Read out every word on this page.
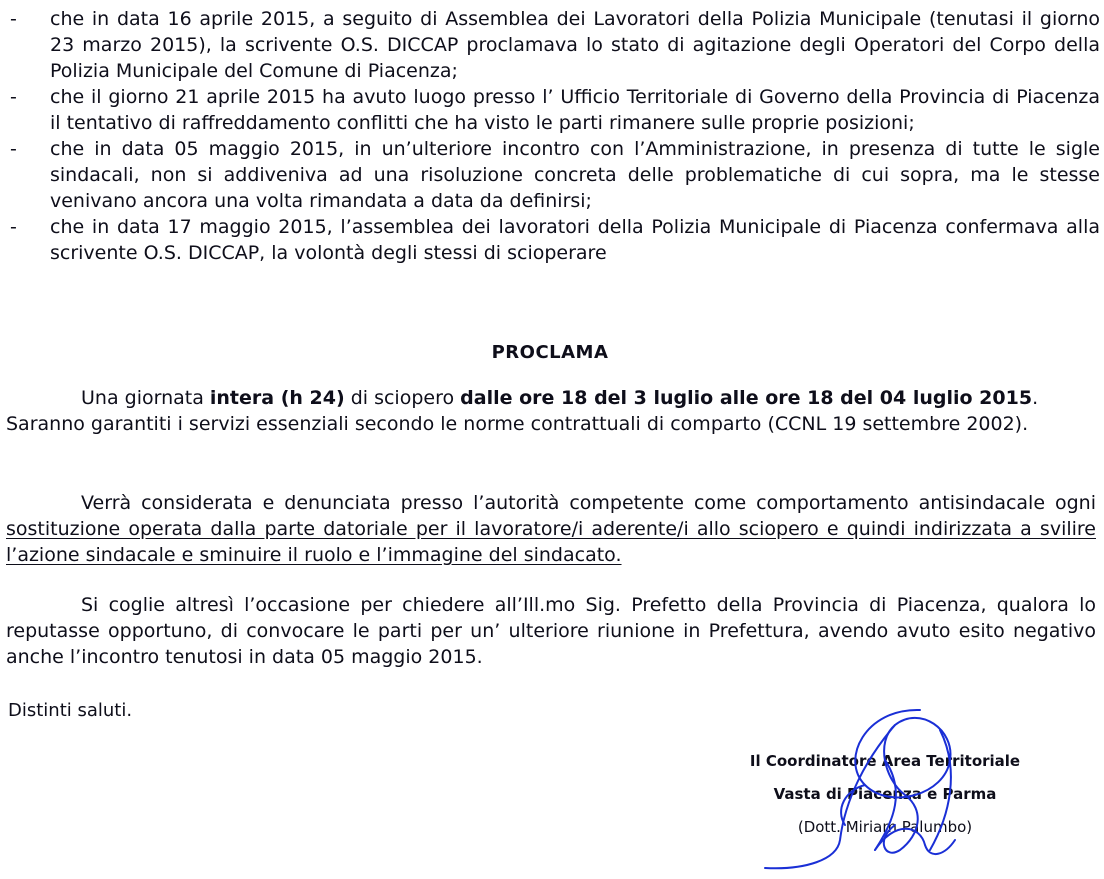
- che in data 16 aprile 2015, a seguito di Assemblea dei Lavoratori della Polizia Municipale (tenutasi il giorno 23 marzo 2015), la scrivente O.S. DICCAP proclamava lo stato di agitazione degli Operatori del Corpo della Polizia Municipale del Comune di Piacenza;

- che il giorno 21 aprile 2015 ha avuto luogo presso l’ Ufficio Territoriale di Governo della Provincia di Piacenza il tentativo di raffreddamento conflitti che ha visto le parti rimanere sulle proprie posizioni;

- che in data 05 maggio 2015, in un’ulteriore incontro con l’Amministrazione, in presenza di tutte le sigle sindacali, non si addiveniva ad una risoluzione concreta delle problematiche di cui sopra, ma le stesse venivano ancora una volta rimandata a data da definirsi;

- che in data 17 maggio 2015, l’assemblea dei lavoratori della Polizia Municipale di Piacenza confermava alla scrivente O.S. DICCAP, la volontà degli stessi di scioperare

PROCLAMA
Una giornata intera (h 24) di sciopero dalle ore 18 del 3 luglio alle ore 18 del 04 luglio 2015.
Saranno garantiti i servizi essenziali secondo le norme contrattuali di comparto (CCNL 19 settembre 2002).
Verrà considerata e denunciata presso l’autorità competente come comportamento antisindacale ogni sostituzione operata dalla parte datoriale per il lavoratore/i aderente/i allo sciopero e quindi indirizzata a svilire l’azione sindacale e sminuire il ruolo e l’immagine del sindacato.
Si coglie altresì l’occasione per chiedere all’Ill.mo Sig. Prefetto della Provincia di Piacenza, qualora lo reputasse opportuno, di convocare le parti per un’ ulteriore riunione in Prefettura, avendo avuto esito negativo anche l’incontro tenutosi in data 05 maggio 2015.
Distinti saluti.
Il Coordinatore Area Territoriale
Vasta di Piacenza e Parma
(Dott. Miriam Palumbo)
